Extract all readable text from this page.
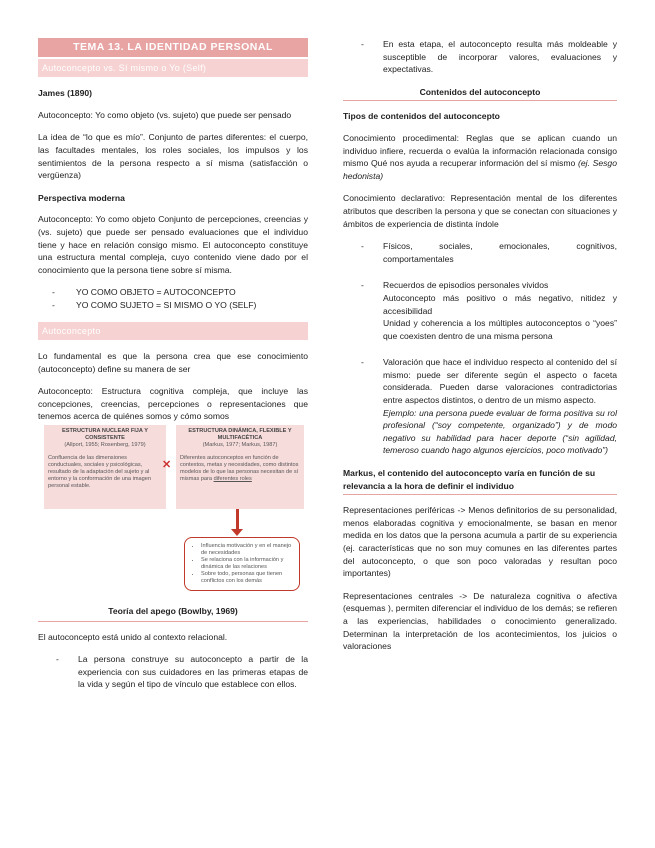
TEMA 13. LA IDENTIDAD PERSONAL
Autoconcepto vs. Sí mismo o Yo (Self)
James (1890)

Autoconcepto: Yo como objeto (vs. sujeto) que puede ser pensado

La idea de “lo que es mío”. Conjunto de partes diferentes: el cuerpo, las facultades mentales, los roles sociales, los impulsos y los sentimientos de la persona respecto a sí misma (satisfacción o vergüenza)

Perspectiva moderna

Autoconcepto: Yo como objeto Conjunto de percepciones, creencias y (vs. sujeto) que puede ser pensado evaluaciones que el individuo tiene y hace en relación consigo mismo. El autoconcepto constituye una estructura mental compleja, cuyo contenido viene dado por el conocimiento que la persona tiene sobre sí misma.

- YO COMO OBJETO = AUTOCONCEPTO
- YO COMO SUJETO = SI MISMO O YO (SELF)
Autoconcepto

Lo fundamental es que la persona crea que ese conocimiento (autoconcepto) define su manera de ser

Autoconcepto: Estructura cognitiva compleja, que incluye las concepciones, creencias, percepciones o representaciones que tenemos acerca de quiénes somos y cómo somos

ESTRUCTURA NUCLEAR FIJA Y CONSISTENTE
(Allport, 1955; Rosenberg, 1979)
Confluencia de las dimensiones conductuales, sociales y psicológicas, resultado de la adaptación del sujeto y al entorno y la conformación de una imagen personal estable.
✕
ESTRUCTURA DINÁMICA, FLEXIBLE Y MULTIFACÉTICA
(Markus, 1977; Markus, 1987)
Diferentes autoconceptos en función de contextos, metas y necesidades, como distintos modelos de lo que las personas necesitan de sí mismas para diferentes roles
• Influencia motivación y en el manejo de necesidades
• Se relaciona con la información y dinámica de las relaciones
• Sobre todo, personas que tienen conflictos con los demás
Teoría del apego (Bowlby, 1969)

El autoconcepto está unido al contexto relacional.

- La persona construye su autoconcepto a partir de la experiencia con sus cuidadores en las primeras etapas de la vida y según el tipo de vínculo que establece con ellos.
- En esta etapa, el autoconcepto resulta más moldeable y susceptible de incorporar valores, evaluaciones y expectativas.
Contenidos del autoconcepto
Tipos de contenidos del autoconcepto

Conocimiento procedimental: Reglas que se aplican cuando un individuo infiere, recuerda o evalúa la información relacionada consigo mismo Qué nos ayuda a recuperar información del sí mismo (ej. Sesgo hedonista)

Conocimiento declarativo: Representación mental de los diferentes atributos que describen la persona y que se conectan con situaciones y ámbitos de experiencia de distinta índole

- Físicos, sociales, emocionales, cognitivos, comportamentales
- Recuerdos de episodios personales vividos
Autoconcepto más positivo o más negativo, nitidez y accesibilidad
Unidad y coherencia a los múltiples autoconceptos o “yoes” que coexisten dentro de una misma persona
- Valoración que hace el individuo respecto al contenido del sí mismo: puede ser diferente según el aspecto o faceta considerada. Pueden darse valoraciones contradictorias entre aspectos distintos, o dentro de un mismo aspecto.
Ejemplo: una persona puede evaluar de forma positiva su rol profesional (“soy competente, organizado”) y de modo negativo su habilidad para hacer deporte (“sin agilidad, temeroso cuando hago algunos ejercicios, poco motivado”)
Markus, el contenido del autoconcepto varía en función de su relevancia a la hora de definir el individuo

Representaciones periféricas -> Menos definitorios de su personalidad, menos elaboradas cognitiva y emocionalmente, se basan en menor medida en los datos que la persona acumula a partir de su experiencia (ej. características que no son muy comunes en las diferentes partes del autoconcepto, o que son poco valoradas y resultan poco importantes)

Representaciones centrales -> De naturaleza cognitiva o afectiva (esquemas ), permiten diferenciar el individuo de los demás; se refieren a las experiencias, habilidades o conocimiento generalizado. Determinan la interpretación de los acontecimientos, los juicios o valoraciones
